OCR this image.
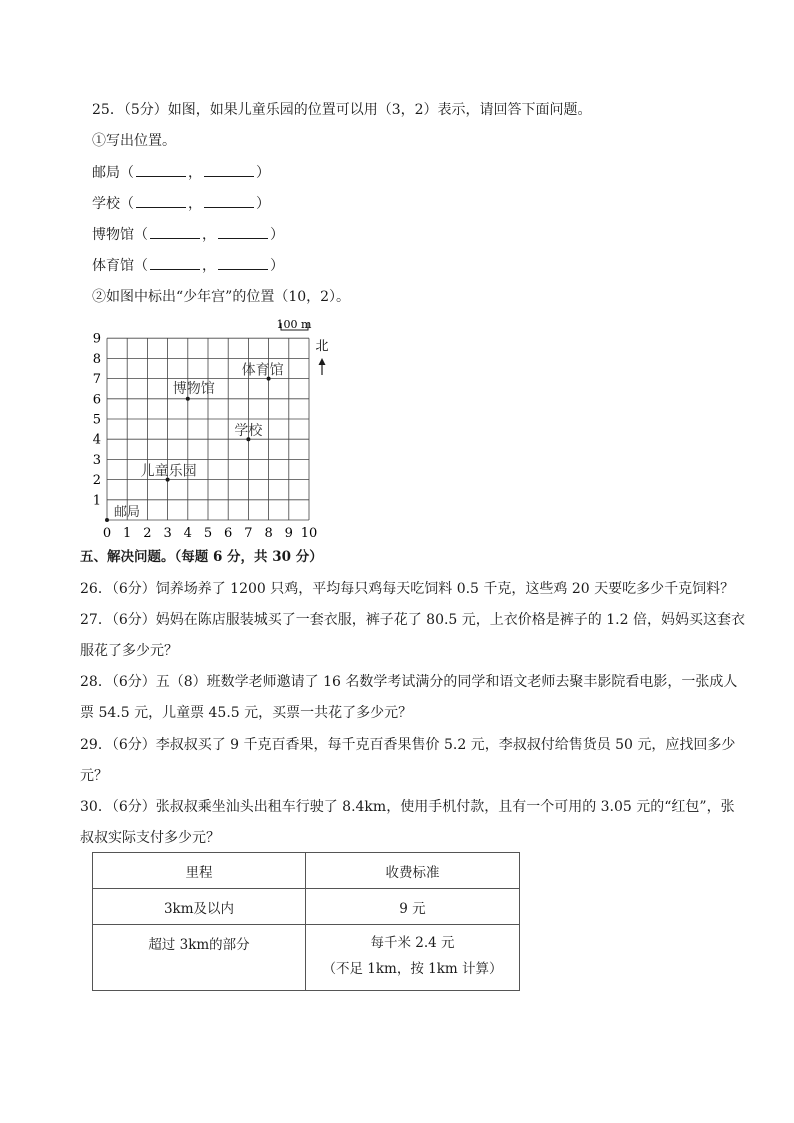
25．（5分）如图，如果儿童乐园的位置可以用（3，2）表示，请回答下面问题。
①写出位置。
邮局（	，	）
学校（	，	）
博物馆（	，	）
体育馆（	，	）
②如图中标出“少年宫”的位置（10，2）。
0 1 2 3 4 5 6 7 8 9 10
1
2
3
4
5
6
7
8
9
邮局
儿童乐园
博物馆
学校
体育馆
100 m
北
五、解决问题。（每题 6 分，共 30 分）
26．（6分）饲养场养了 1200 只鸡，平均每只鸡每天吃饲料 0.5 千克，这些鸡 20 天要吃多少千克饲料？
27．（6分）妈妈在陈店服装城买了一套衣服，裤子花了 80.5 元，上衣价格是裤子的 1.2 倍，妈妈买这套衣
服花了多少元？
28．（6分）五（8）班数学老师邀请了 16 名数学考试满分的同学和语文老师去聚丰影院看电影，一张成人
票 54.5 元，儿童票 45.5 元，买票一共花了多少元？
29．（6分）李叔叔买了 9 千克百香果，每千克百香果售价 5.2 元，李叔叔付给售货员 50 元，应找回多少
元？
30．（6分）张叔叔乘坐汕头出租车行驶了 8.4km，使用手机付款，且有一个可用的 3.05 元的“红包”，张
叔叔实际支付多少元？
里程	收费标准
3km及以内	9 元
超过 3km的部分	每千米 2.4 元
（不足 1km，按 1km 计算）
